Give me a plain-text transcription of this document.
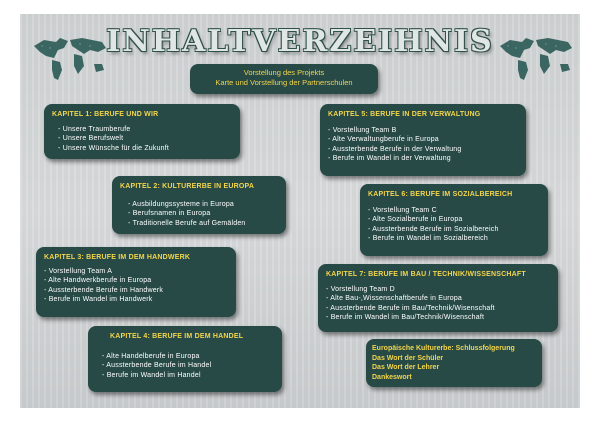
INHALTVERZEIHNIS
Vorstellung des Projekts
Karte und Vorstellung der Partnerschulen
KAPITEL 1: BERUFE UND WIR
- Unsere Traumberufe
- Unsere Berufswelt
- Unsere Wünsche für die Zukunft
KAPITEL 2: KULTURERBE IN EUROPA
- Ausbildungssysteme in Europa
- Berufsnamen in Europa
- Traditionelle Berufe auf Gemälden
KAPITEL 3: BERUFE IM DEM HANDWERK
- Vorstellung Team A
- Alte Handwerkberufe in Europa
- Aussterbende Berufe im Handwerk
- Berufe im Wandel im Handwerk
KAPITEL 4: BERUFE IM DEM HANDEL
- Alte Handelberufe in Europa
- Aussterbende Berufe im Handel
- Berufe im Wandel im Handel
KAPITEL 5: BERUFE IN DER VERWALTUNG
- Vorstellung Team B
- Alte Verwaltungberufe in Europa
- Aussterbende Berufe in der Verwaltung
- Berufe im Wandel in der Verwaltung
KAPITEL 6: BERUFE IM SOZIALBEREICH
- Vorstellung Team C
- Alte Sozialberufe in Europa
- Aussterbende Berufe im Sozialbereich
- Berufe im Wandel im Sozialbereich
KAPITEL 7: BERUFE IM BAU / TECHNIK/WISSENSCHAFT
- Vorstellung Team D
- Alte Bau-,Wissenschaftberufe in Europa
- Aussterbende Berufe im Bau/Technik/Wisenschaft
- Berufe im Wandel im Bau/Technik/Wisenschaft
Europäische Kulturerbe: Schlussfolgerung
Das Wort der Schüler
Das Wort der Lehrer
Dankeswort
